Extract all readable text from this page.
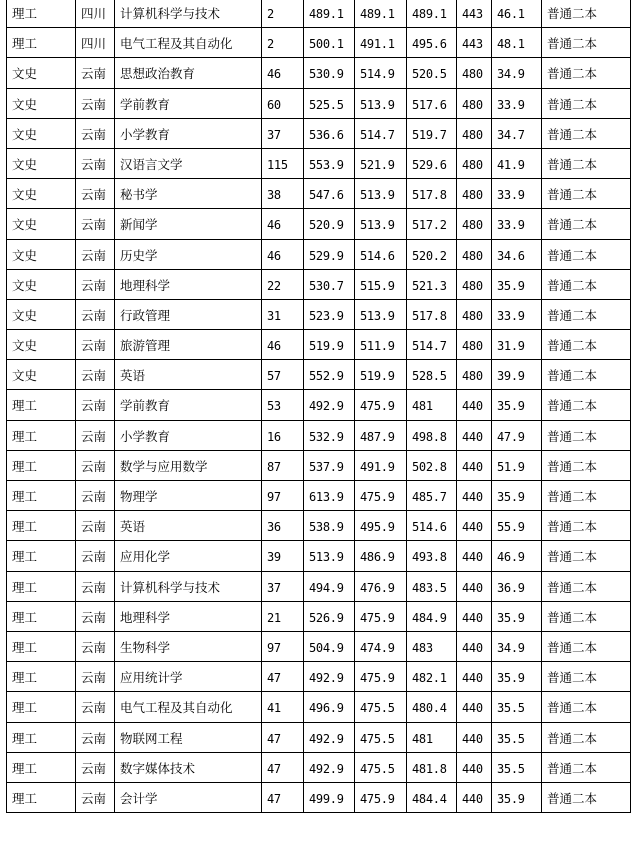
理工	四川	计算机科学与技术	2	489.1	489.1	489.1	443	46.1	普通二本
理工	四川	电气工程及其自动化	2	500.1	491.1	495.6	443	48.1	普通二本
文史	云南	思想政治教育	46	530.9	514.9	520.5	480	34.9	普通二本
文史	云南	学前教育	60	525.5	513.9	517.6	480	33.9	普通二本
文史	云南	小学教育	37	536.6	514.7	519.7	480	34.7	普通二本
文史	云南	汉语言文学	115	553.9	521.9	529.6	480	41.9	普通二本
文史	云南	秘书学	38	547.6	513.9	517.8	480	33.9	普通二本
文史	云南	新闻学	46	520.9	513.9	517.2	480	33.9	普通二本
文史	云南	历史学	46	529.9	514.6	520.2	480	34.6	普通二本
文史	云南	地理科学	22	530.7	515.9	521.3	480	35.9	普通二本
文史	云南	行政管理	31	523.9	513.9	517.8	480	33.9	普通二本
文史	云南	旅游管理	46	519.9	511.9	514.7	480	31.9	普通二本
文史	云南	英语	57	552.9	519.9	528.5	480	39.9	普通二本
理工	云南	学前教育	53	492.9	475.9	481	440	35.9	普通二本
理工	云南	小学教育	16	532.9	487.9	498.8	440	47.9	普通二本
理工	云南	数学与应用数学	87	537.9	491.9	502.8	440	51.9	普通二本
理工	云南	物理学	97	613.9	475.9	485.7	440	35.9	普通二本
理工	云南	英语	36	538.9	495.9	514.6	440	55.9	普通二本
理工	云南	应用化学	39	513.9	486.9	493.8	440	46.9	普通二本
理工	云南	计算机科学与技术	37	494.9	476.9	483.5	440	36.9	普通二本
理工	云南	地理科学	21	526.9	475.9	484.9	440	35.9	普通二本
理工	云南	生物科学	97	504.9	474.9	483	440	34.9	普通二本
理工	云南	应用统计学	47	492.9	475.9	482.1	440	35.9	普通二本
理工	云南	电气工程及其自动化	41	496.9	475.5	480.4	440	35.5	普通二本
理工	云南	物联网工程	47	492.9	475.5	481	440	35.5	普通二本
理工	云南	数字媒体技术	47	492.9	475.5	481.8	440	35.5	普通二本
理工	云南	会计学	47	499.9	475.9	484.4	440	35.9	普通二本
